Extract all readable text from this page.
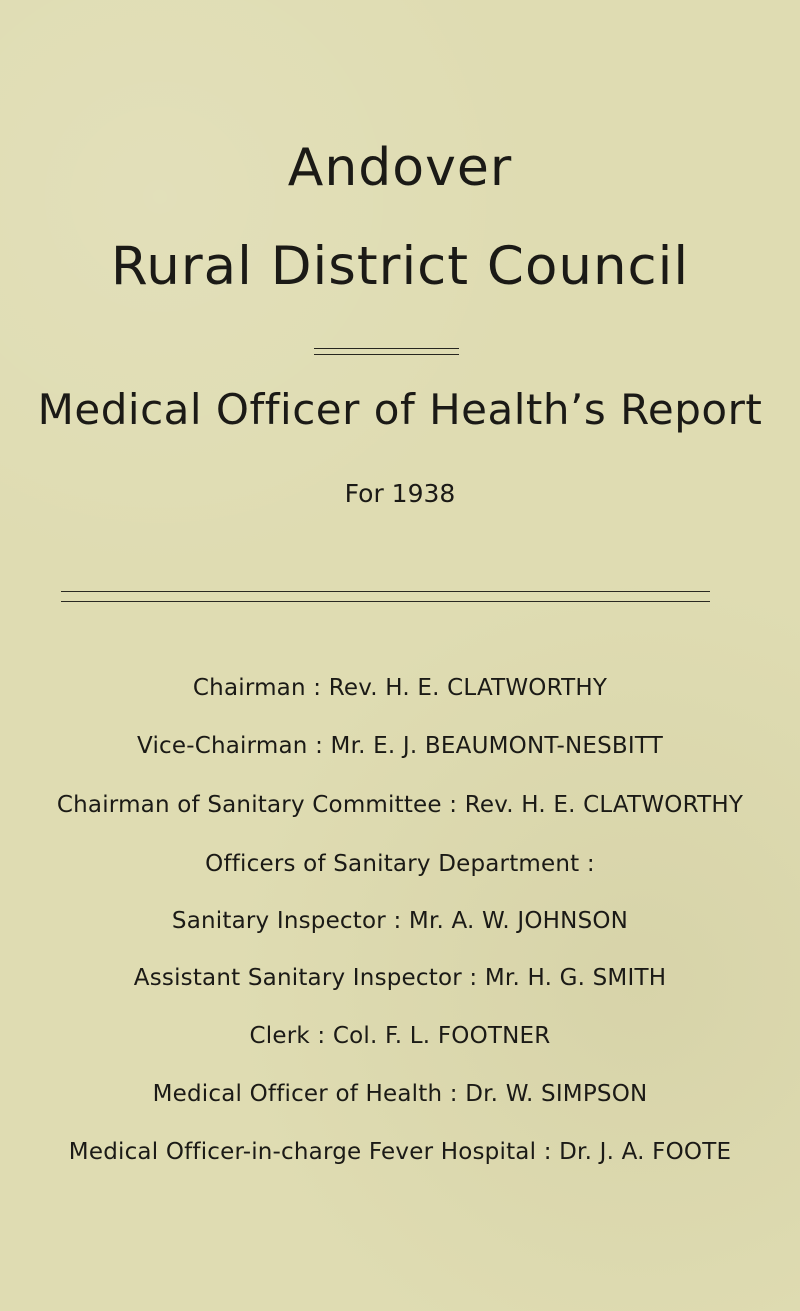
Andover
Rural District Council
Medical Officer of Health’s Report
For 1938
Chairman : Rev. H. E. CLATWORTHY
Vice-Chairman : Mr. E. J. BEAUMONT-NESBITT
Chairman of Sanitary Committee : Rev. H. E. CLATWORTHY
Officers of Sanitary Department :
Sanitary Inspector : Mr. A. W. JOHNSON
Assistant Sanitary Inspector : Mr. H. G. SMITH
Clerk : Col. F. L. FOOTNER
Medical Officer of Health : Dr. W. SIMPSON
Medical Officer-in-charge Fever Hospital : Dr. J. A. FOOTE
